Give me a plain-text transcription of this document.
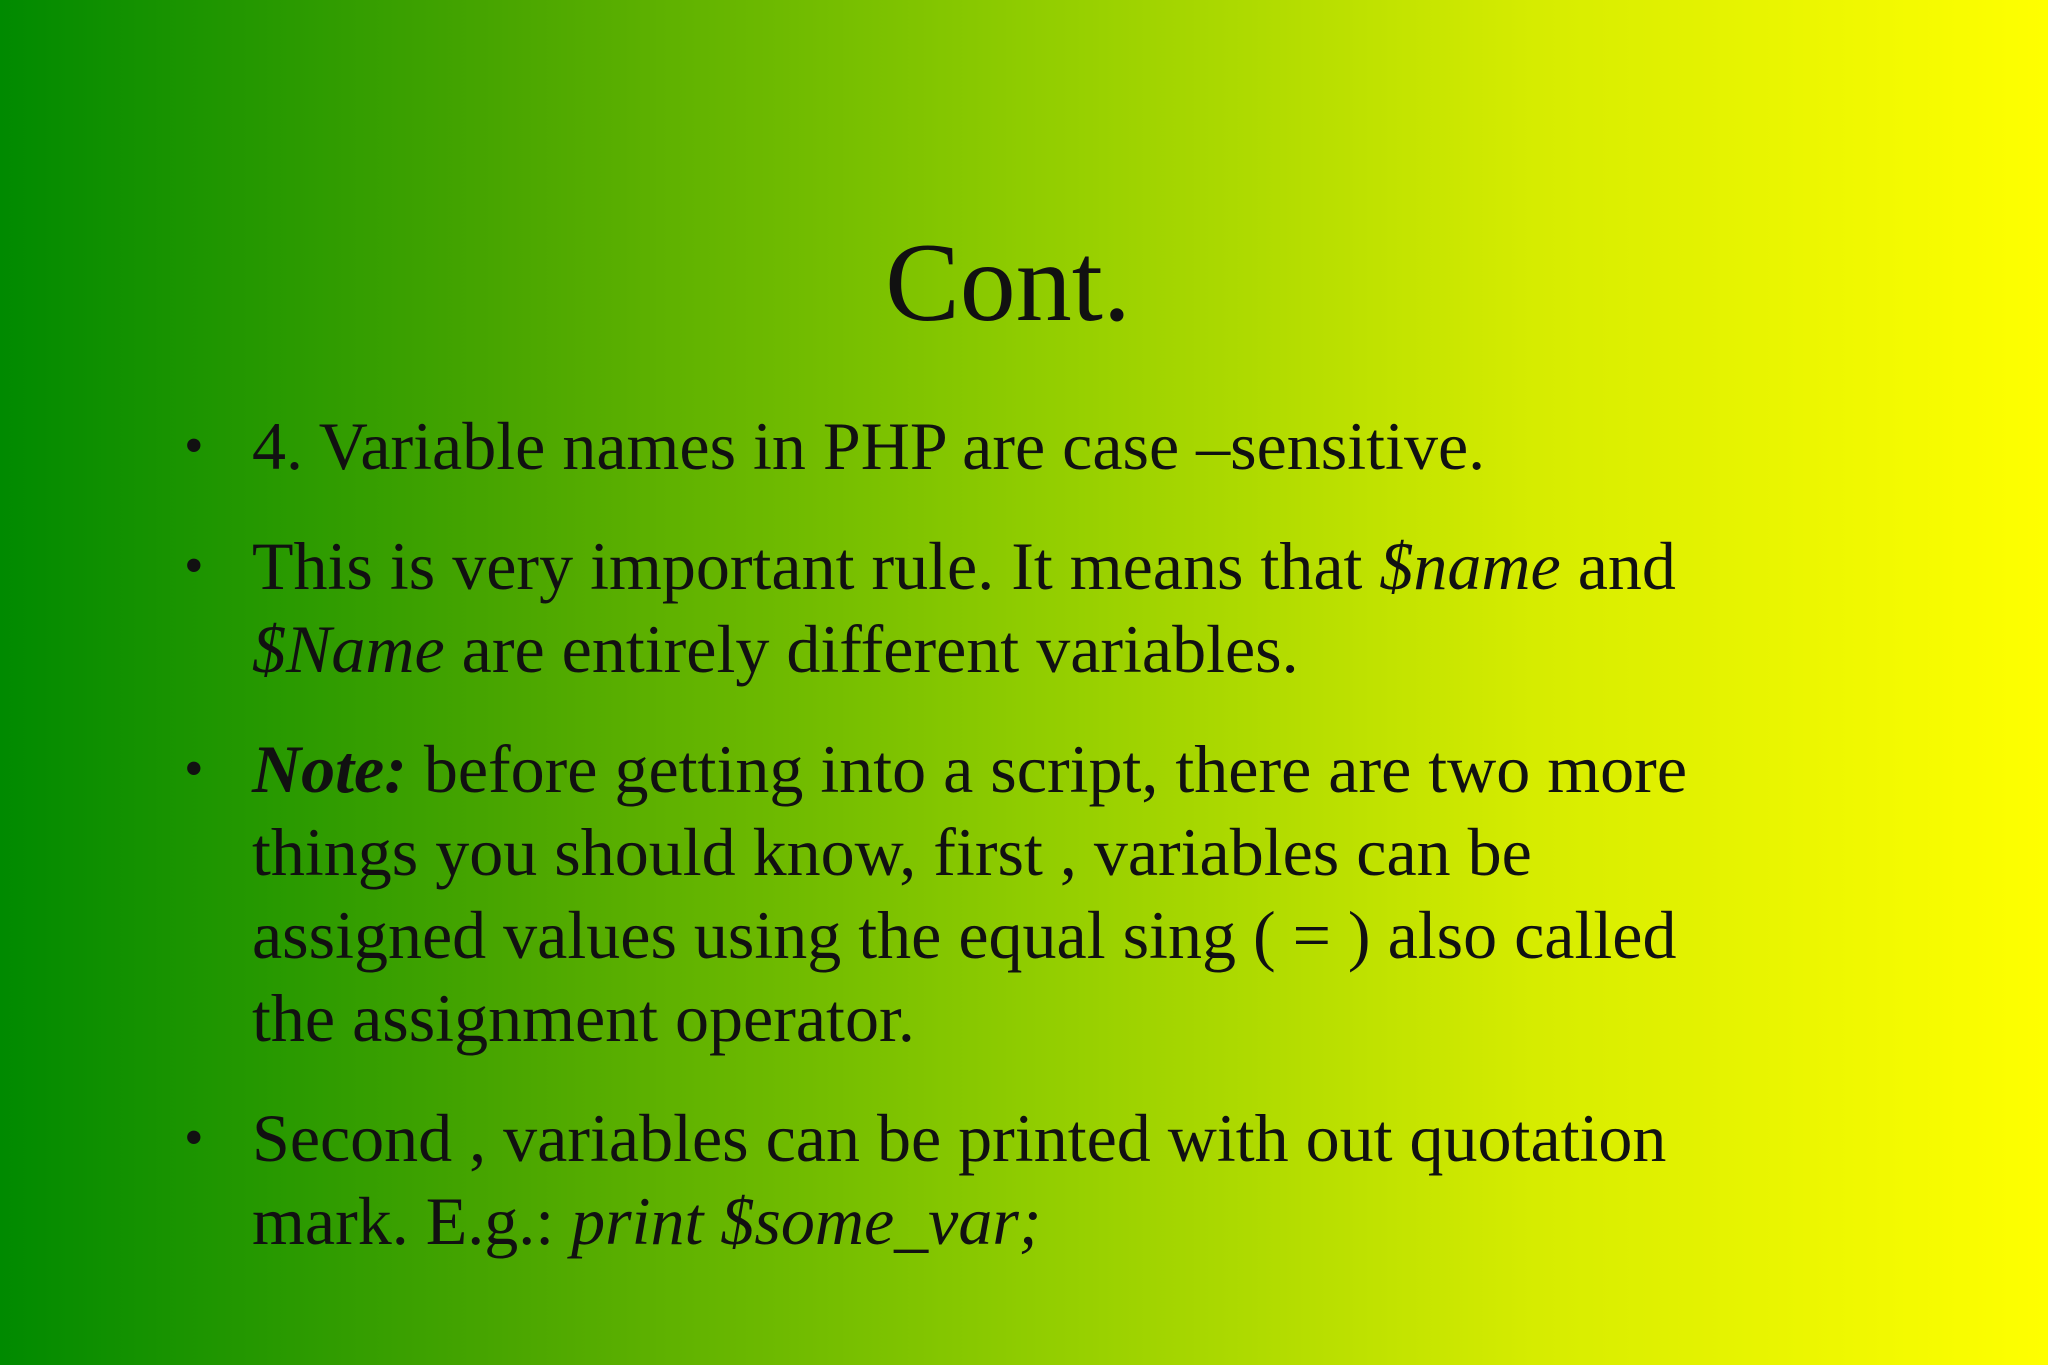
Cont.
• 4. Variable names in PHP are case –sensitive.
• This is very important rule. It means that $name and $Name are entirely different variables.
• Note: before getting into a script, there are two more things you should know, first , variables can be assigned values using the equal sing ( = ) also called the assignment operator.
• Second , variables can be printed with out quotation mark. E.g.: print $some_var;
